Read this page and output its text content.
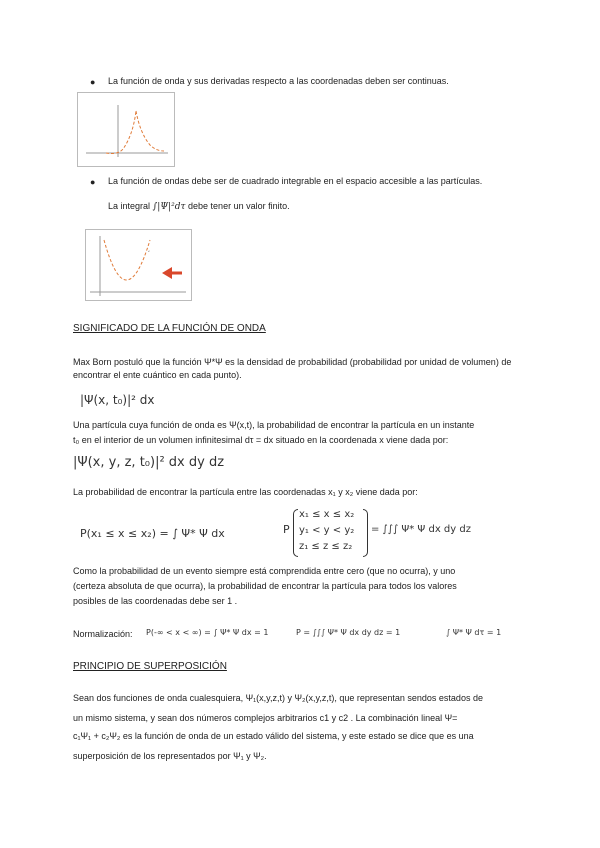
● La función de onda y sus derivadas respecto a las coordenadas deben ser continuas.
● La función de ondas debe ser de cuadrado integrable en el espacio accesible a las partículas.
La integral ∫|Ψ|²dτ debe tener un valor finito.
ʻ
SIGNIFICADO DE LA FUNCIÓN DE ONDA
Max Born postuló que la función Ψ*Ψ es la densidad de probabilidad (probabilidad por unidad de volumen) de encontrar el ente cuántico en cada punto).
|Ψ(x, t₀)|² dx
Una partícula cuya función de onda es Ψ(x,t), la probabilidad de encontrar la partícula en un instante
t₀ en el interior de un volumen infinitesimal dτ = dx situado en la coordenada x viene dada por:
|Ψ(x, y, z, t₀)|² dx dy dz
La probabilidad de encontrar la partícula entre las coordenadas x₁ y x₂ viene dada por:
P(x₁ ≤ x ≤ x₂) = ∫ Ψ* Ψ dx	P
x₁ ≤ x ≤ x₂
y₁ < y < y₂
z₁ ≤ z ≤ z₂
= ∫∫∫ Ψ* Ψ dx dy dz
Como la probabilidad de un evento siempre está comprendida entre cero (que no ocurra), y uno
(certeza absoluta de que ocurra), la probabilidad de encontrar la partícula para todos los valores
posibles de las coordenadas debe ser 1 .
Normalización: P(-∞ < x < ∞) = ∫ Ψ* Ψ dx = 1	P = ∫∫∫ Ψ* Ψ dx dy dz = 1	∫ Ψ* Ψ dτ = 1
PRINCIPIO DE SUPERPOSICIÓN
Sean dos funciones de onda cualesquiera, Ψ₁(x,y,z,t) y Ψ₂(x,y,z,t), que representan sendos estados de
un mismo sistema, y sean dos números complejos arbitrarios c1 y c2 . La combinación lineal Ψ=
c₁Ψ₁ + c₂Ψ₂ es la función de onda de un estado válido del sistema, y este estado se dice que es una
superposición de los representados por Ψ₁ y Ψ₂.
